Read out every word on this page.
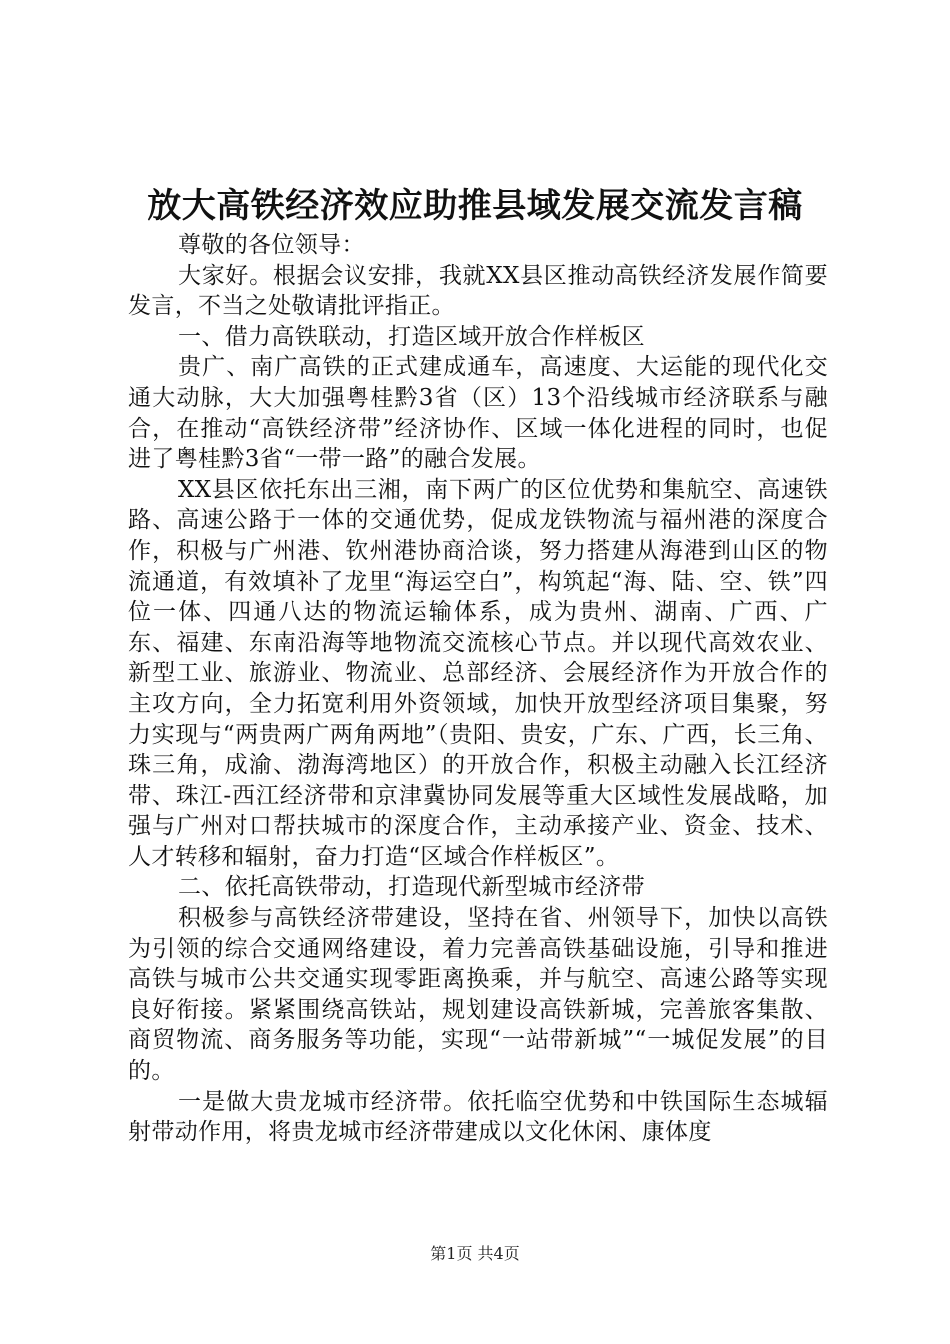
放大高铁经济效应助推县域发展交流发言稿

尊敬的各位领导：

大家好。根据会议安排，我就XX县区推动高铁经济发展作简要发言，不当之处敬请批评指正。

一、借力高铁联动，打造区域开放合作样板区

贵广、南广高铁的正式建成通车，高速度、大运能的现代化交通大动脉，大大加强粤桂黔3省（区）13个沿线城市经济联系与融合，在推动“高铁经济带”经济协作、区域一体化进程的同时，也促进了粤桂黔3省“一带一路”的融合发展。

XX县区依托东出三湘，南下两广的区位优势和集航空、高速铁路、高速公路于一体的交通优势，促成龙铁物流与福州港的深度合作，积极与广州港、钦州港协商洽谈，努力搭建从海港到山区的物流通道，有效填补了龙里“海运空白”，构筑起“海、陆、空、铁”四位一体、四通八达的物流运输体系，成为贵州、湖南、广西、广东、福建、东南沿海等地物流交流核心节点。并以现代高效农业、新型工业、旅游业、物流业、总部经济、会展经济作为开放合作的主攻方向，全力拓宽利用外资领域，加快开放型经济项目集聚，努力实现与“两贵两广两角两地”（贵阳、贵安，广东、广西，长三角、珠三角，成渝、渤海湾地区）的开放合作，积极主动融入长江经济带、珠江-西江经济带和京津冀协同发展等重大区域性发展战略，加强与广州对口帮扶城市的深度合作，主动承接产业、资金、技术、人才转移和辐射，奋力打造“区域合作样板区”。

二、依托高铁带动，打造现代新型城市经济带

积极参与高铁经济带建设，坚持在省、州领导下，加快以高铁为引领的综合交通网络建设，着力完善高铁基础设施，引导和推进高铁与城市公共交通实现零距离换乘，并与航空、高速公路等实现良好衔接。紧紧围绕高铁站，规划建设高铁新城，完善旅客集散、商贸物流、商务服务等功能，实现“一站带新城”“一城促发展”的目的。

一是做大贵龙城市经济带。依托临空优势和中铁国际生态城辐射带动作用，将贵龙城市经济带建成以文化休闲、康体度

第1页 共4页
